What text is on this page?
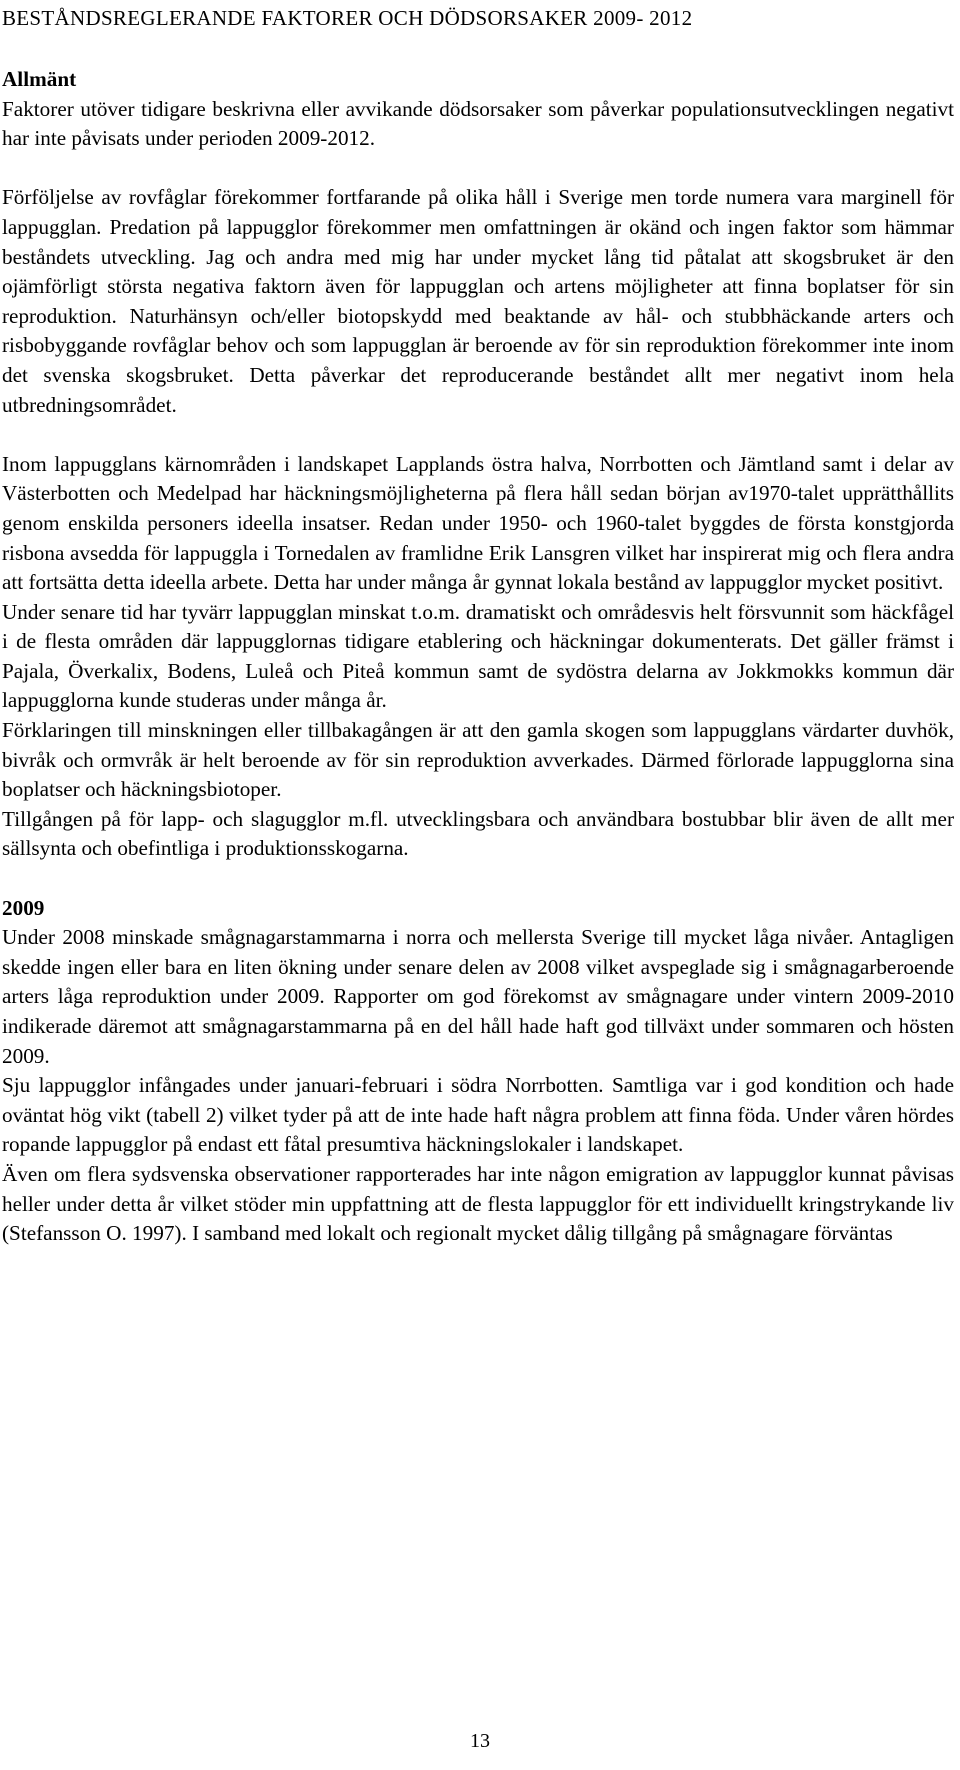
BESTÅNDSREGLERANDE FAKTORER OCH DÖDSORSAKER 2009- 2012
Allmänt

Faktorer utöver tidigare beskrivna eller avvikande dödsorsaker som påverkar populationsutvecklingen negativt har inte påvisats under perioden 2009-2012.

Förföljelse av rovfåglar förekommer fortfarande på olika håll i Sverige men torde numera vara marginell för lappugglan. Predation på lappugglor förekommer men omfattningen är okänd och ingen faktor som hämmar beståndets utveckling. Jag och andra med mig har under mycket lång tid påtalat att skogsbruket är den ojämförligt största negativa faktorn även för lappugglan och artens möjligheter att finna boplatser för sin reproduktion. Naturhänsyn och/eller biotopskydd med beaktande av hål- och stubbhäckande arters och risbobyggande rovfåglar behov och som lappugglan är beroende av för sin reproduktion förekommer inte inom det svenska skogsbruket. Detta påverkar det reproducerande beståndet allt mer negativt inom hela utbredningsområdet.

Inom lappugglans kärnområden i landskapet Lapplands östra halva, Norrbotten och Jämtland samt i delar av Västerbotten och Medelpad har häckningsmöjligheterna på flera håll sedan början av1970-talet upprätthållits genom enskilda personers ideella insatser. Redan under 1950- och 1960-talet byggdes de första konstgjorda risbona avsedda för lappuggla i Tornedalen av framlidne Erik Lansgren vilket har inspirerat mig och flera andra att fortsätta detta ideella arbete. Detta har under många år gynnat lokala bestånd av lappugglor mycket positivt.

Under senare tid har tyvärr lappugglan minskat t.o.m. dramatiskt och områdesvis helt försvunnit som häckfågel i de flesta områden där lappugglornas tidigare etablering och häckningar dokumenterats. Det gäller främst i Pajala, Överkalix, Bodens, Luleå och Piteå kommun samt de sydöstra delarna av Jokkmokks kommun där lappugglorna kunde studeras under många år.

Förklaringen till minskningen eller tillbakagången är att den gamla skogen som lappugglans värdarter duvhök, bivråk och ormvråk är helt beroende av för sin reproduktion avverkades. Därmed förlorade lappugglorna sina boplatser och häckningsbiotoper.

Tillgången på för lapp- och slagugglor m.fl. utvecklingsbara och användbara bostubbar blir även de allt mer sällsynta och obefintliga i produktionsskogarna.

2009

Under 2008 minskade smågnagarstammarna i norra och mellersta Sverige till mycket låga nivåer. Antagligen skedde ingen eller bara en liten ökning under senare delen av 2008 vilket avspeglade sig i smågnagarberoende arters låga reproduktion under 2009. Rapporter om god förekomst av smågnagare under vintern 2009-2010 indikerade däremot att smågnagarstammarna på en del håll hade haft god tillväxt under sommaren och hösten 2009.

Sju lappugglor infångades under januari-februari i södra Norrbotten. Samtliga var i god kondition och hade oväntat hög vikt (tabell 2) vilket tyder på att de inte hade haft några problem att finna föda. Under våren hördes ropande lappugglor på endast ett fåtal presumtiva häckningslokaler i landskapet.

Även om flera sydsvenska observationer rapporterades har inte någon emigration av lappugglor kunnat påvisas heller under detta år vilket stöder min uppfattning att de flesta lappugglor för ett individuellt kringstrykande liv (Stefansson O. 1997). I samband med lokalt och regionalt mycket dålig tillgång på smågnagare förväntas

13
